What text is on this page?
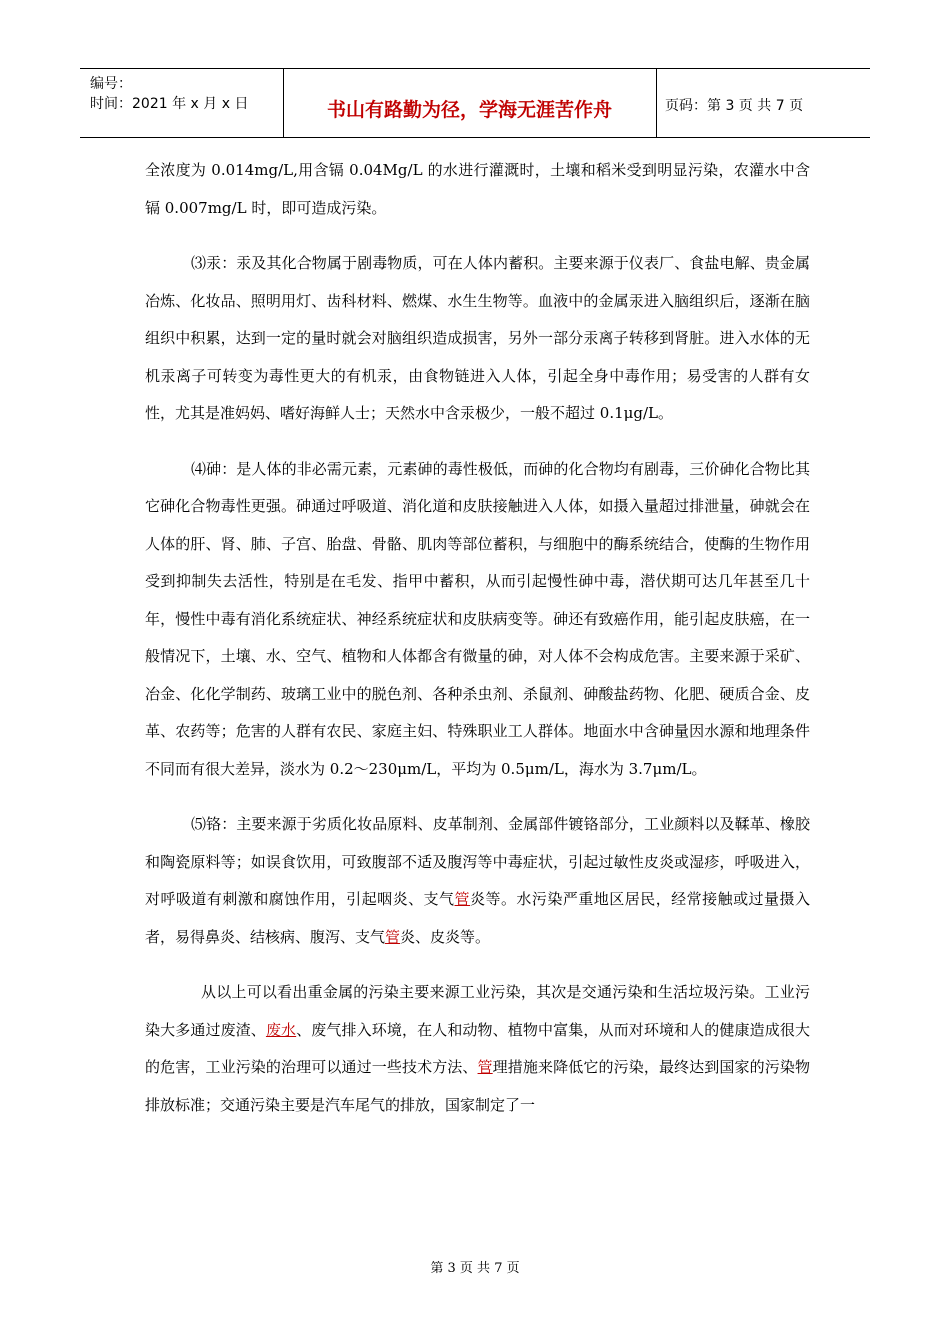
编号：
时间：2021 年 x 月 x 日	书山有路勤为径，学海无涯苦作舟	页码：第 3 页 共 7 页

全浓度为 0.014mg/L,用含镉 0.04Mg/L 的水进行灌溉时，土壤和稻米受到明显污染，农灌水中含镉 0.007mg/L 时，即可造成污染。

⑶汞：汞及其化合物属于剧毒物质，可在人体内蓄积。主要来源于仪表厂、食盐电解、贵金属冶炼、化妆品、照明用灯、齿科材料、燃煤、水生生物等。血液中的金属汞进入脑组织后，逐渐在脑组织中积累，达到一定的量时就会对脑组织造成损害，另外一部分汞离子转移到肾脏。进入水体的无机汞离子可转变为毒性更大的有机汞，由食物链进入人体，引起全身中毒作用；易受害的人群有女性，尤其是准妈妈、嗜好海鲜人士；天然水中含汞极少，一般不超过 0.1μg/L。

⑷砷：是人体的非必需元素，元素砷的毒性极低，而砷的化合物均有剧毒，三价砷化合物比其它砷化合物毒性更强。砷通过呼吸道、消化道和皮肤接触进入人体，如摄入量超过排泄量，砷就会在人体的肝、肾、肺、子宫、胎盘、骨骼、肌肉等部位蓄积，与细胞中的酶系统结合，使酶的生物作用受到抑制失去活性，特别是在毛发、指甲中蓄积，从而引起慢性砷中毒，潜伏期可达几年甚至几十年，慢性中毒有消化系统症状、神经系统症状和皮肤病变等。砷还有致癌作用，能引起皮肤癌，在一般情况下，土壤、水、空气、植物和人体都含有微量的砷，对人体不会构成危害。主要来源于采矿、冶金、化化学制药、玻璃工业中的脱色剂、各种杀虫剂、杀鼠剂、砷酸盐药物、化肥、硬质合金、皮革、农药等；危害的人群有农民、家庭主妇、特殊职业工人群体。地面水中含砷量因水源和地理条件不同而有很大差异，淡水为 0.2～230μm/L，平均为 0.5μm/L，海水为 3.7μm/L。

⑸铬：主要来源于劣质化妆品原料、皮革制剂、金属部件镀铬部分，工业颜料以及鞣革、橡胶和陶瓷原料等；如误食饮用，可致腹部不适及腹泻等中毒症状，引起过敏性皮炎或湿疹，呼吸进入，对呼吸道有刺激和腐蚀作用，引起咽炎、支气管炎等。水污染严重地区居民，经常接触或过量摄入者，易得鼻炎、结核病、腹泻、支气管炎、皮炎等。

从以上可以看出重金属的污染主要来源工业污染，其次是交通污染和生活垃圾污染。工业污染大多通过废渣、废水、废气排入环境，在人和动物、植物中富集，从而对环境和人的健康造成很大的危害，工业污染的治理可以通过一些技术方法、管理措施来降低它的污染，最终达到国家的污染物排放标准；交通污染主要是汽车尾气的排放，国家制定了一

第 3 页 共 7 页
